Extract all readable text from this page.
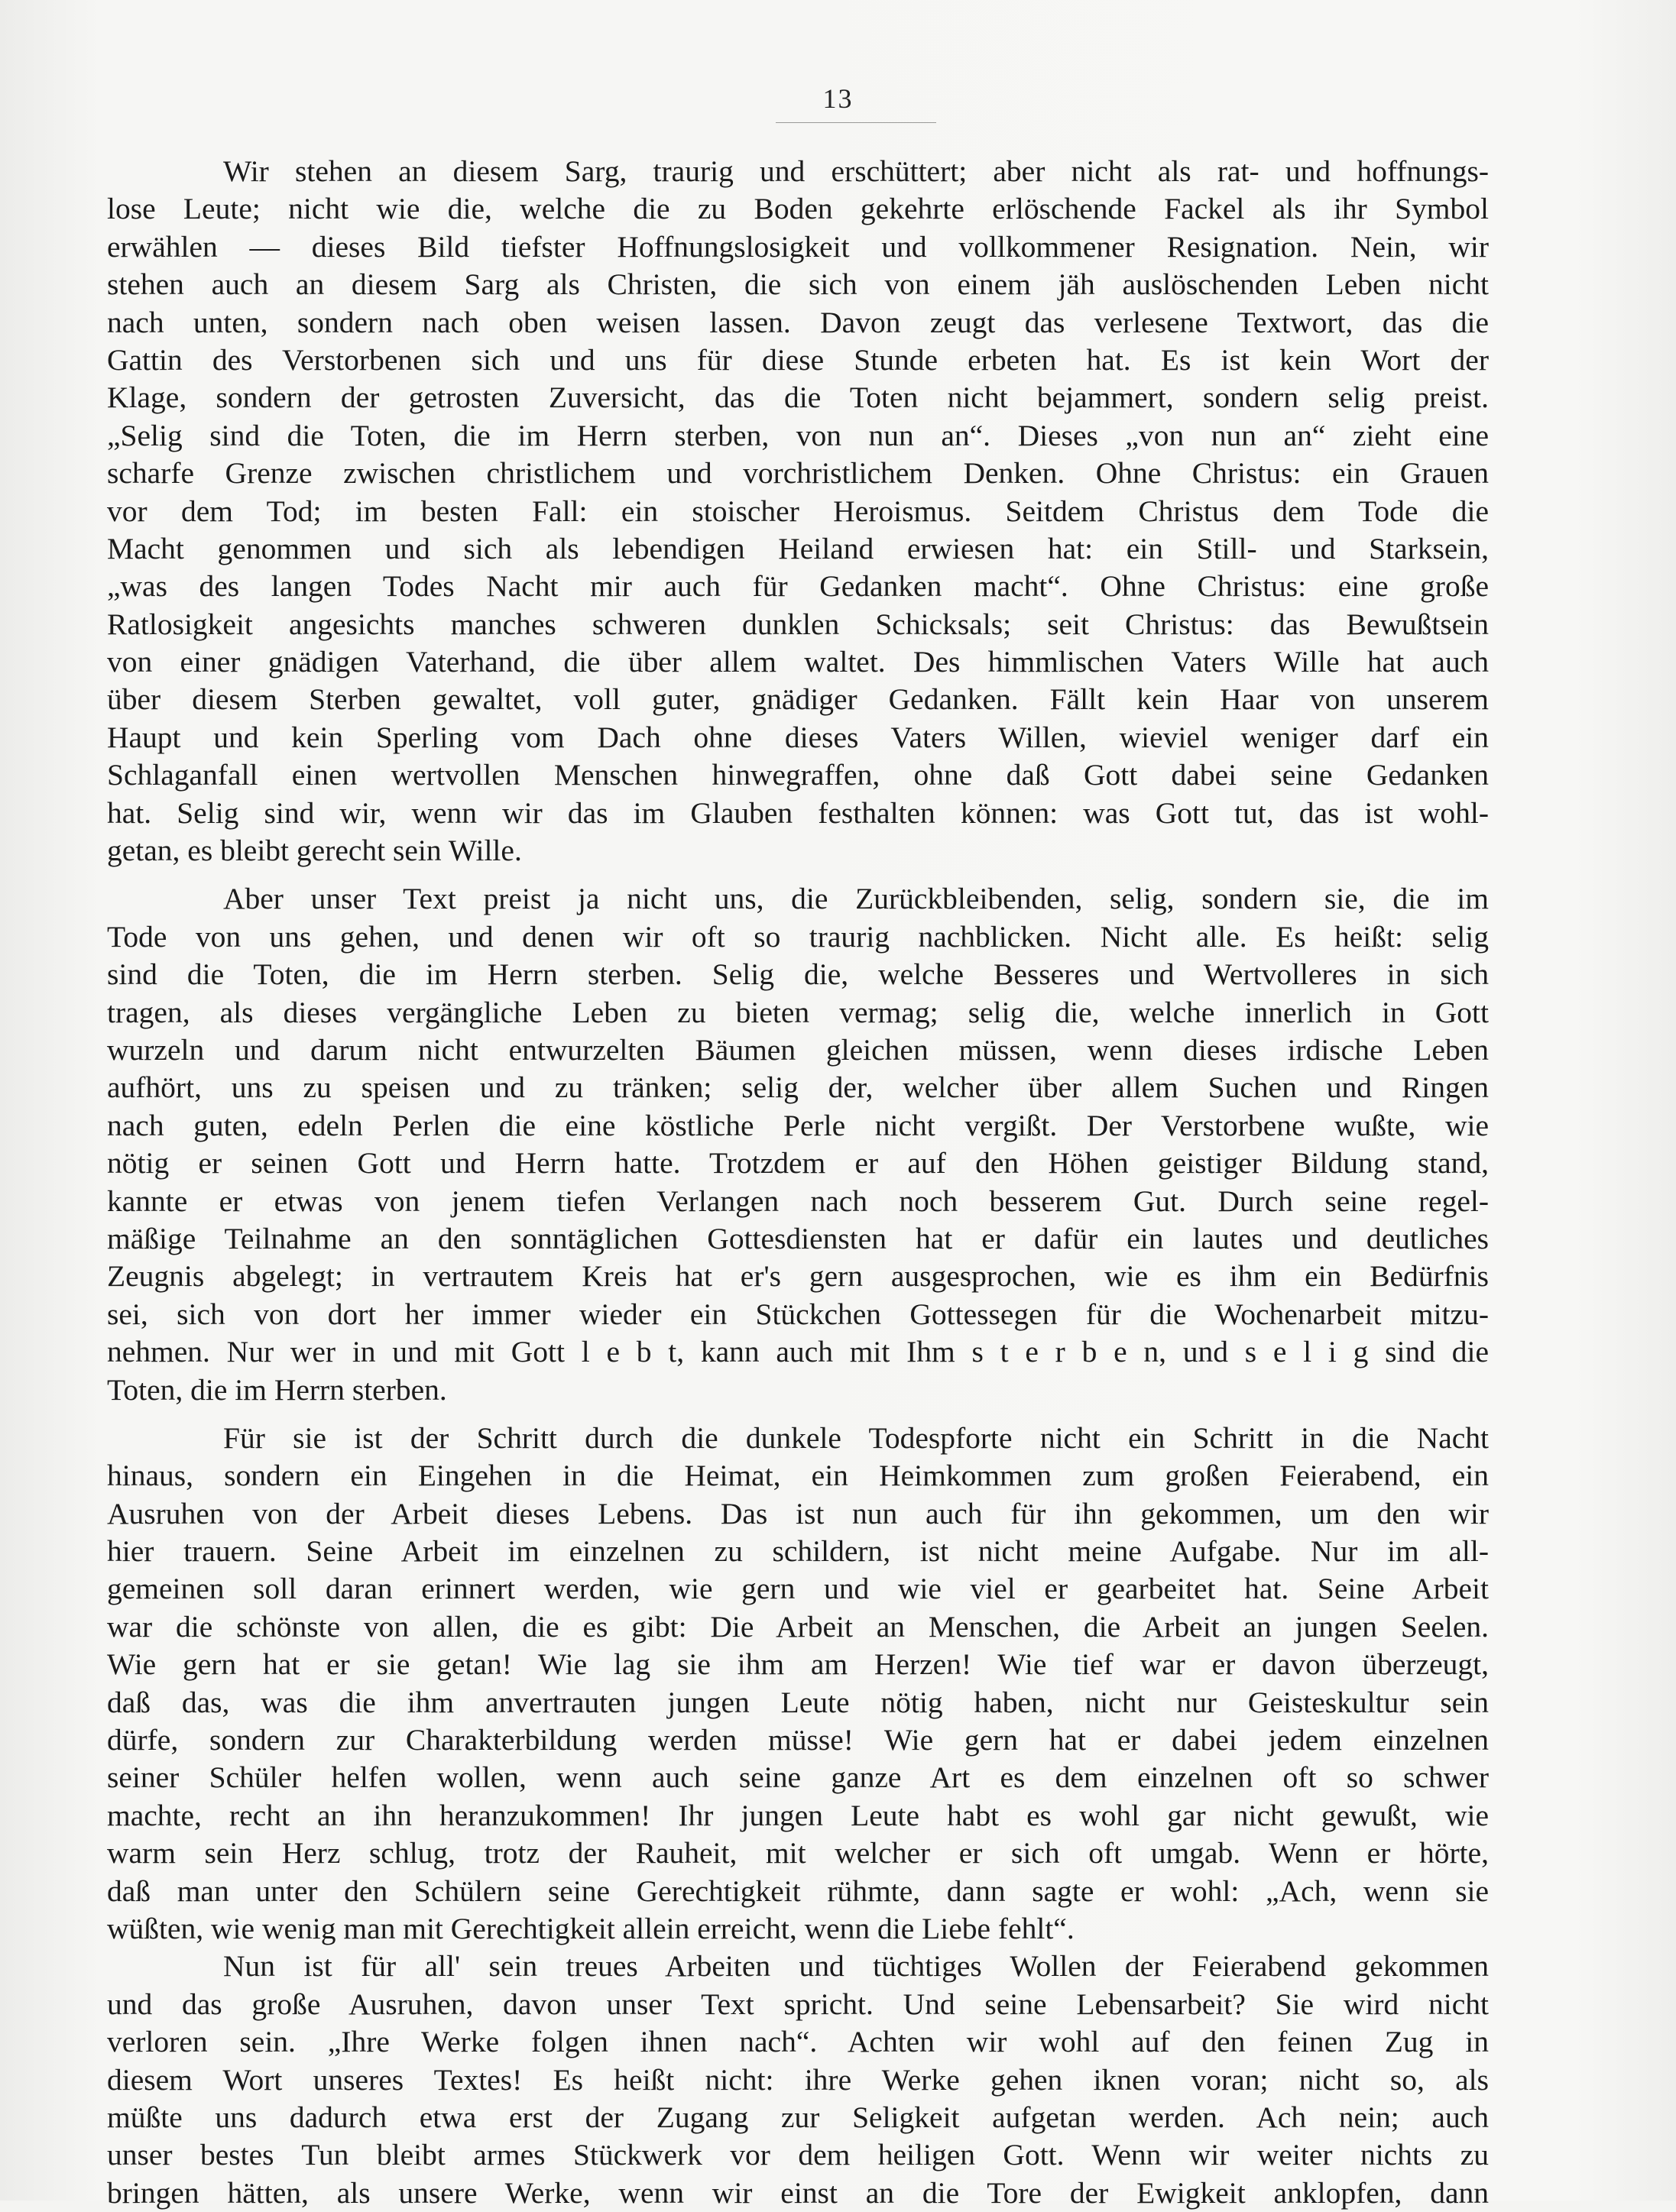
13
Wir stehen an diesem Sarg, traurig und erschüttert; aber nicht als rat- und hoffnungs-
lose Leute; nicht wie die, welche die zu Boden gekehrte erlöschende Fackel als ihr Symbol
erwählen — dieses Bild tiefster Hoffnungslosigkeit und vollkommener Resignation. Nein, wir
stehen auch an diesem Sarg als Christen, die sich von einem jäh auslöschenden Leben nicht
nach unten, sondern nach oben weisen lassen. Davon zeugt das verlesene Textwort, das die
Gattin des Verstorbenen sich und uns für diese Stunde erbeten hat. Es ist kein Wort der
Klage, sondern der getrosten Zuversicht, das die Toten nicht bejammert, sondern selig preist.
„Selig sind die Toten, die im Herrn sterben, von nun an“. Dieses „von nun an“ zieht eine
scharfe Grenze zwischen christlichem und vorchristlichem Denken. Ohne Christus: ein Grauen
vor dem Tod; im besten Fall: ein stoischer Heroismus. Seitdem Christus dem Tode die
Macht genommen und sich als lebendigen Heiland erwiesen hat: ein Still- und Starksein,
„was des langen Todes Nacht mir auch für Gedanken macht“. Ohne Christus: eine große
Ratlosigkeit angesichts manches schweren dunklen Schicksals; seit Christus: das Bewußtsein
von einer gnädigen Vaterhand, die über allem waltet. Des himmlischen Vaters Wille hat auch
über diesem Sterben gewaltet, voll guter, gnädiger Gedanken. Fällt kein Haar von unserem
Haupt und kein Sperling vom Dach ohne dieses Vaters Willen, wieviel weniger darf ein
Schlaganfall einen wertvollen Menschen hinwegraffen, ohne daß Gott dabei seine Gedanken
hat. Selig sind wir, wenn wir das im Glauben festhalten können: was Gott tut, das ist wohl-
getan, es bleibt gerecht sein Wille.
Aber unser Text preist ja nicht uns, die Zurückbleibenden, selig, sondern sie, die im
Tode von uns gehen, und denen wir oft so traurig nachblicken. Nicht alle. Es heißt: selig
sind die Toten, die im Herrn sterben. Selig die, welche Besseres und Wertvolleres in sich
tragen, als dieses vergängliche Leben zu bieten vermag; selig die, welche innerlich in Gott
wurzeln und darum nicht entwurzelten Bäumen gleichen müssen, wenn dieses irdische Leben
aufhört, uns zu speisen und zu tränken; selig der, welcher über allem Suchen und Ringen
nach guten, edeln Perlen die eine köstliche Perle nicht vergißt. Der Verstorbene wußte, wie
nötig er seinen Gott und Herrn hatte. Trotzdem er auf den Höhen geistiger Bildung stand,
kannte er etwas von jenem tiefen Verlangen nach noch besserem Gut. Durch seine regel-
mäßige Teilnahme an den sonntäglichen Gottesdiensten hat er dafür ein lautes und deutliches
Zeugnis abgelegt; in vertrautem Kreis hat er's gern ausgesprochen, wie es ihm ein Bedürfnis
sei, sich von dort her immer wieder ein Stückchen Gottessegen für die Wochenarbeit mitzu-
nehmen. Nur wer in und mit Gott l e b t, kann auch mit Ihm s t e r b e n, und s e l i g sind die
Toten, die im Herrn sterben.
Für sie ist der Schritt durch die dunkele Todespforte nicht ein Schritt in die Nacht
hinaus, sondern ein Eingehen in die Heimat, ein Heimkommen zum großen Feierabend, ein
Ausruhen von der Arbeit dieses Lebens. Das ist nun auch für ihn gekommen, um den wir
hier trauern. Seine Arbeit im einzelnen zu schildern, ist nicht meine Aufgabe. Nur im all-
gemeinen soll daran erinnert werden, wie gern und wie viel er gearbeitet hat. Seine Arbeit
war die schönste von allen, die es gibt: Die Arbeit an Menschen, die Arbeit an jungen Seelen.
Wie gern hat er sie getan! Wie lag sie ihm am Herzen! Wie tief war er davon überzeugt,
daß das, was die ihm anvertrauten jungen Leute nötig haben, nicht nur Geisteskultur sein
dürfe, sondern zur Charakterbildung werden müsse! Wie gern hat er dabei jedem einzelnen
seiner Schüler helfen wollen, wenn auch seine ganze Art es dem einzelnen oft so schwer
machte, recht an ihn heranzukommen! Ihr jungen Leute habt es wohl gar nicht gewußt, wie
warm sein Herz schlug, trotz der Rauheit, mit welcher er sich oft umgab. Wenn er hörte,
daß man unter den Schülern seine Gerechtigkeit rühmte, dann sagte er wohl: „Ach, wenn sie
wüßten, wie wenig man mit Gerechtigkeit allein erreicht, wenn die Liebe fehlt“.
Nun ist für all' sein treues Arbeiten und tüchtiges Wollen der Feierabend gekommen
und das große Ausruhen, davon unser Text spricht. Und seine Lebensarbeit? Sie wird nicht
verloren sein. „Ihre Werke folgen ihnen nach“. Achten wir wohl auf den feinen Zug in
diesem Wort unseres Textes! Es heißt nicht: ihre Werke gehen iknen voran; nicht so, als
müßte uns dadurch etwa erst der Zugang zur Seligkeit aufgetan werden. Ach nein; auch
unser bestes Tun bleibt armes Stückwerk vor dem heiligen Gott. Wenn wir weiter nichts zu
bringen hätten, als unsere Werke, wenn wir einst an die Tore der Ewigkeit anklopfen, dann
